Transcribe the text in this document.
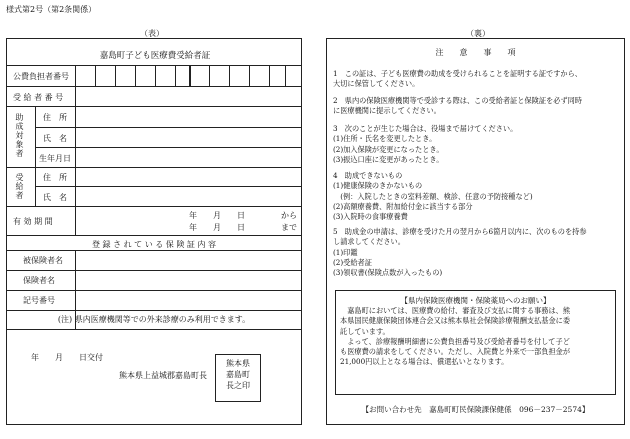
様式第2号（第2条関係）
（表）	（裏）
嘉島町子ども医療費受給者証
公費負担者番号
受 給 者 番 号
助成対象者
受給者
住　所
氏　名
生年月日
住　所
氏　名
有 効 期 間
年　　月　　日
年　　月　　日
から
まで
登 録 さ れ て い る 保 険 証 内 容
被保険者名
保険者名
記号番号
(注) 県内医療機関等での外来診療のみ利用できます。
年　　月　　日交付
熊本県上益城郡嘉島町長
熊本県
嘉島町
長之印
注　　意　　事　　項
1　この証は、子ども医療費の助成を受けられることを証明する証ですから、
大切に保管してください。
2　県内の保険医療機関等で受診する際は、この受給者証と保険証を必ず同時
に医療機関に提示してください。
3　次のことが生じた場合は、役場まで届けてください。
(1)住所・氏名を変更したとき。
(2)加入保険が変更になったとき。
(3)振込口座に変更があったとき。
4　助成できないもの
(1)健康保険のきかないもの
　(例：入院したときの室料差額、検診、任意の予防接種など)
(2)高額療養費、附加給付金に該当する部分
(3)入院時の食事療養費
5　助成金の申請は、診療を受けた月の翌月から6箇月以内に、次のものを持参
し請求してください。
(1)印鑑
(2)受給者証
(3)領収書(保険点数が入ったもの)
【県内保険医療機関・保険薬局へのお願い】
　嘉島町においては、医療費の給付、審査及び支払に関する事務は、熊
本県国民健康保険団体連合会又は熊本県社会保険診療報酬支払基金に委
託しています。
　よって、診療報酬明細書に公費負担番号及び受給者番号を付して子ど
も医療費の請求をしてください。ただし、入院費と外来で一部負担金が
21,000円以上となる場合は、償還払いとなります。
【お問い合わせ先　嘉島町町民保険課保健係　096－237－2574】
